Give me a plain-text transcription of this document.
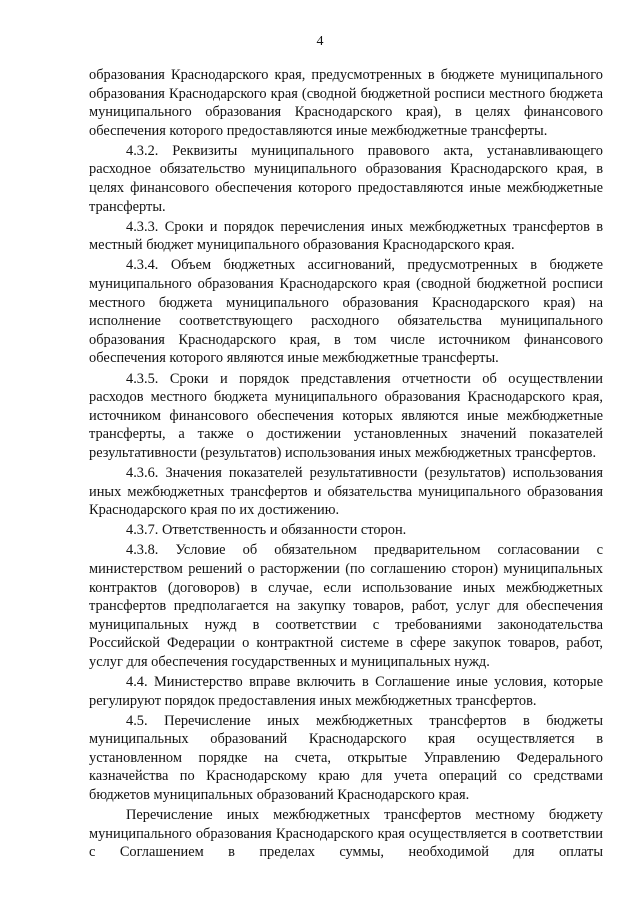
4

образования Краснодарского края, предусмотренных в бюджете муниципального образования Краснодарского края (сводной бюджетной росписи местного бюджета муниципального образования Краснодарского края), в целях финансового обеспечения которого предоставляются иные межбюджетные трансферты.

4.3.2. Реквизиты муниципального правового акта, устанавливающего расходное обязательство муниципального образования Краснодарского края, в целях финансового обеспечения которого предоставляются иные межбюджетные трансферты.

4.3.3. Сроки и порядок перечисления иных межбюджетных трансфертов в местный бюджет муниципального образования Краснодарского края.

4.3.4. Объем бюджетных ассигнований, предусмотренных в бюджете муниципального образования Краснодарского края (сводной бюджетной росписи местного бюджета муниципального образования Краснодарского края) на исполнение соответствующего расходного обязательства муниципального образования Краснодарского края, в том числе источником финансового обеспечения которого являются иные межбюджетные трансферты.

4.3.5. Сроки и порядок представления отчетности об осуществлении расходов местного бюджета муниципального образования Краснодарского края, источником финансового обеспечения которых являются иные межбюджетные трансферты, а также о достижении установленных значений показателей результативности (результатов) использования иных межбюджетных трансфертов.

4.3.6. Значения показателей результативности (результатов) использования иных межбюджетных трансфертов и обязательства муниципального образования Краснодарского края по их достижению.

4.3.7. Ответственность и обязанности сторон.

4.3.8. Условие об обязательном предварительном согласовании с министерством решений о расторжении (по соглашению сторон) муниципальных контрактов (договоров) в случае, если использование иных межбюджетных трансфертов предполагается на закупку товаров, работ, услуг для обеспечения муниципальных нужд в соответствии с требованиями законодательства Российской Федерации о контрактной системе в сфере закупок товаров, работ, услуг для обеспечения государственных и муниципальных нужд.

4.4. Министерство вправе включить в Соглашение иные условия, которые регулируют порядок предоставления иных межбюджетных трансфертов.

4.5. Перечисление иных межбюджетных трансфертов в бюджеты муниципальных образований Краснодарского края осуществляется в установленном порядке на счета, открытые Управлению Федерального казначейства по Краснодарскому краю для учета операций со средствами бюджетов муниципальных образований Краснодарского края.

Перечисление иных межбюджетных трансфертов местному бюджету муниципального образования Краснодарского края осуществляется в соответствии с Соглашением в пределах суммы, необходимой для оплаты
